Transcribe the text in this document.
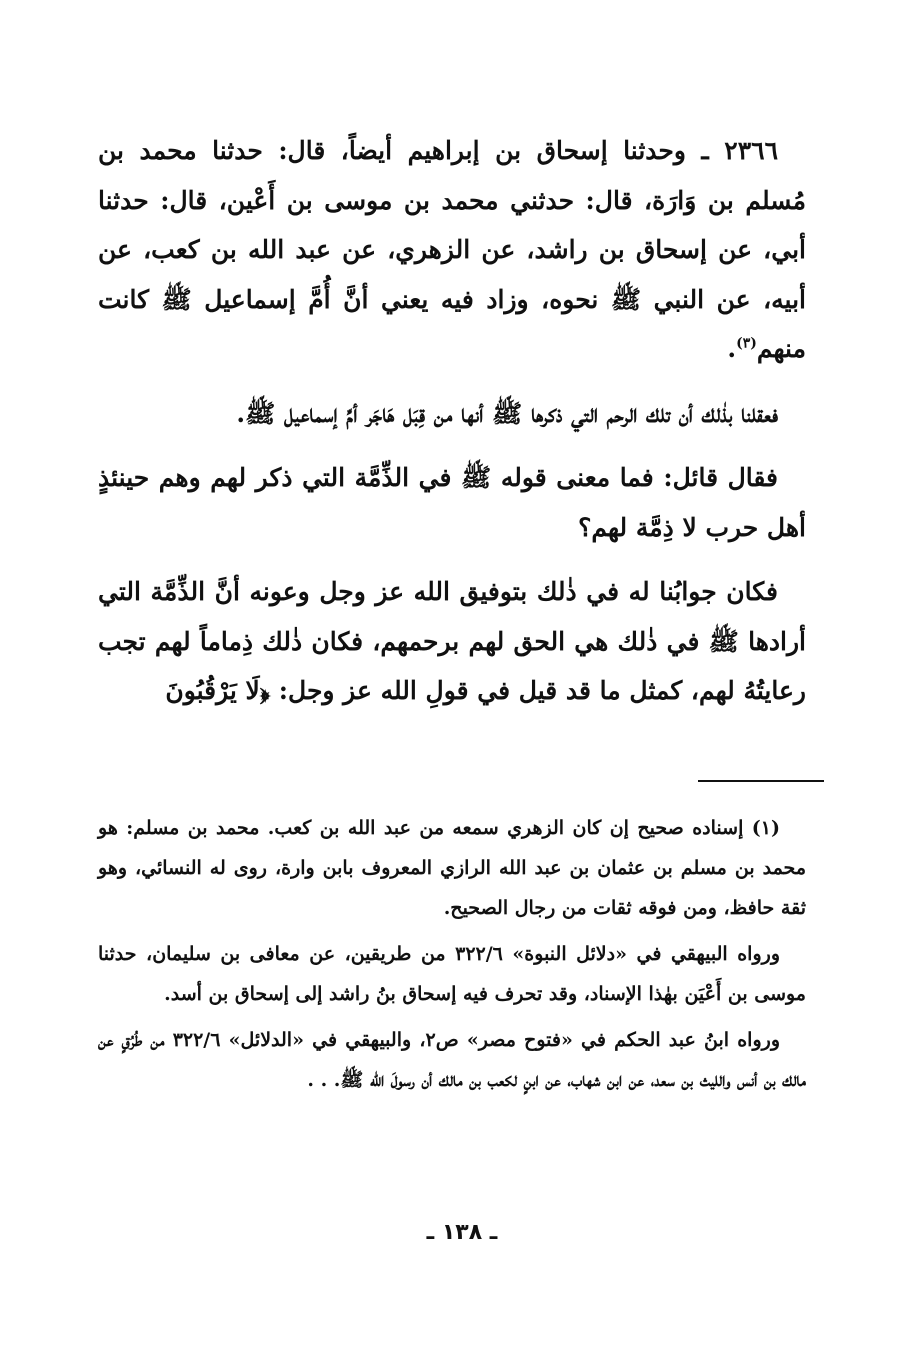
٢٣٦٦ ـ وحدثنا إسحاق بن إبراهيم أيضاً، قال: حدثنا محمد بن مُسلم بن وَارَة، قال: حدثني محمد بن موسى بن أَعْين، قال: حدثنا أبي، عن إسحاق بن راشد، عن الزهري، عن عبد الله بن كعب، عن أبيه، عن النبي ﷺ نحوه، وزاد فيه يعني أنَّ أُمَّ إسماعيل ﷺ كانت منهم$^{(٣)}$.

فعقلنا بذٰلك أن تلك الرحم التي ذكرها ﷺ أنها من قِبَل هَاجَر أمِّ إسماعيل ﷺ.

فقال قائل: فما معنى قوله ﷺ في الذِّمَّة التي ذكر لهم وهم حينئذٍ أهل حرب لا ذِمَّة لهم؟

فكان جوابُنا له في ذٰلك بتوفيق الله عز وجل وعونه أنَّ الذِّمَّة التي أرادها ﷺ في ذٰلك هي الحق لهم برحمهم، فكان ذٰلك ذِماماً لهم تجب رعايتُهُ لهم، كمثل ما قد قيل في قولِ الله عز وجل: ﴿لَا يَرْقُبُونَ

(١) إسناده صحيح إن كان الزهري سمعه من عبد الله بن كعب. محمد بن مسلم: هو محمد بن مسلم بن عثمان بن عبد الله الرازي المعروف بابن وارة، روى له النسائي، وهو ثقة حافظ، ومن فوقه ثقات من رجال الصحيح.

ورواه البيهقي في «دلائل النبوة» ٣٢٢/٦ من طريقين، عن معافى بن سليمان، حدثنا موسى بن أَعْيَن بهٰذا الإسناد، وقد تحرف فيه إسحاق بنُ راشد إلى إسحاق بن أسد.

ورواه ابنُ عبد الحكم في «فتوح مصر» ص٢، والبيهقي في «الدلائل» ٣٢٢/٦ من طُرُقٍ عن مالك بن أنس والليث بن سعد، عن ابن شهاب، عن ابنٍ لكعب بن مالك أن رسولَ الله ﷺ. . .

ـ ١٣٨ ـ
